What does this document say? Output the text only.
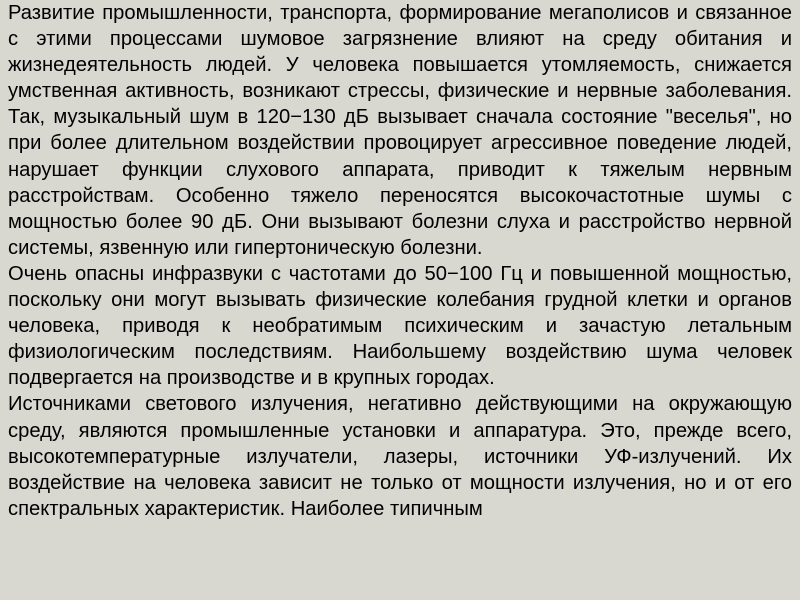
Развитие промышленности, транспорта, формирование мегаполисов и связанное с этими процессами шумовое загрязнение влияют на среду обитания и жизнедеятельность людей. У человека повышается утомляемость, снижается умственная активность, возникают стрессы, физические и нервные заболевания. Так, музыкальный шум в 120−130 дБ вызывает сначала состояние "веселья", но при более длительном воздействии провоцирует агрессивное поведение людей, нарушает функции слухового аппарата, приводит к тяжелым нервным расстройствам. Особенно тяжело переносятся высокочастотные шумы с мощностью более 90 дБ. Они вызывают болезни слуха и расстройство нервной системы, язвенную или гипертоническую болезни.

Очень опасны инфразвуки с частотами до 50−100 Гц и повышенной мощностью, поскольку они могут вызывать физические колебания грудной клетки и органов человека, приводя к необратимым психическим и зачастую летальным физиологическим последствиям. Наибольшему воздействию шума человек подвергается на производстве и в крупных городах.

Источниками светового излучения, негативно действующими на окружающую среду, являются промышленные установки и аппаратура. Это, прежде всего, высокотемпературные излучатели, лазеры, источники УФ-излучений. Их воздействие на человека зависит не только от мощности излучения, но и от его спектральных характеристик. Наиболее типичным
